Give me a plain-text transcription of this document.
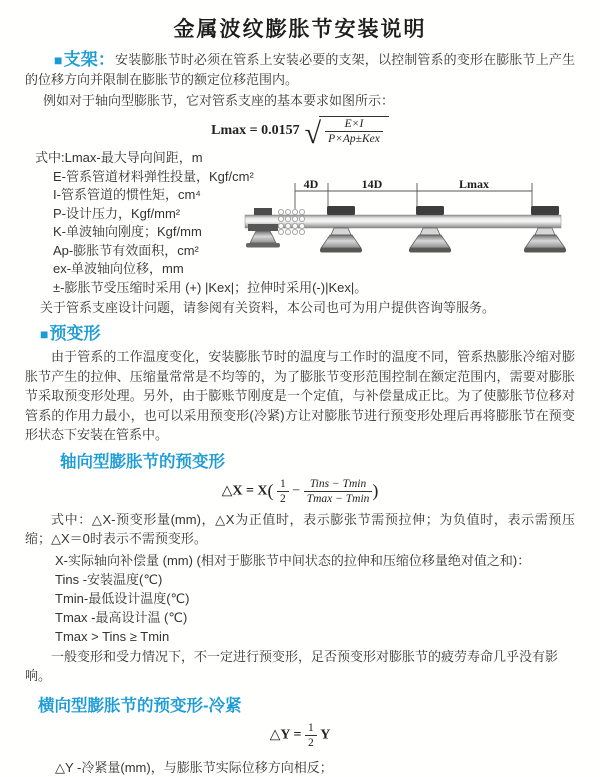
金属波纹膨胀节安装说明

■支架：安装膨胀节时必须在管系上安装必要的支架，以控制管系的变形在膨胀节上产生的位移方向并限制在膨胀节的额定位移范围内。

例如对于轴向型膨胀节，它对管系支座的基本要求如图所示：

Lmax = 0.0157 √ $\frac{E\times I}{\text{P×Ap±Kex}}$
式中:Lmax-最大导向间距，m
E-管系管道材料弹性投量，Kgf/cm²
I-管系管道的惯性矩，cm⁴
P-设计压力，Kgf/mm²
K-单波轴向刚度；Kgf/mm
Ap-膨胀节有效面积，cm²
ex-单波轴向位移，mm
±-膨胀节受压缩时采用 (+) |Kex|；拉伸时采用(-)|Kex|。
4D	14D	Lmax

关于管系支座设计问题，请参阅有关资料，本公司也可为用户提供咨询等服务。

■预变形

由于管系的工作温度变化，安装膨胀节时的温度与工作时的温度不同，管系热膨胀冷缩对膨胀节产生的拉伸、压缩量常常是不均等的，为了膨胀节变形范围控制在额定范围内，需要对膨胀节采取预变形处理。另外，由于膨账节刚度是一个定值，与补偿量成正比。为了使膨胀节位移对管系的作用力最小，也可以采用预变形(冷紧)方让对膨胀节进行预变形处理后再将膨胀节在预变形状态下安装在管系中。

轴向型膨胀节的预变形
△X = $X( \frac{1}{2} - \frac{\text{Tins − Tmin}}{Tmax - Tmin}$ )

式中：△X-预变形量(mm)，△X为正值时，表示膨张节需预拉伸；为负值时，表示需预压缩；△X＝0时表示不需预变形。

X-实际轴向补偿量 (mm) (相对于膨胀节中间状态的拉伸和压缩位移量绝对值之和)：
Tins -安装温度(℃)
Tmin-最低设计温度(℃)
Tmax -最高设计温 (℃)
Tmax > Tins ≥ Tmin

一般变形和受力情况下，不一定进行预变形，足否预变形对膨胀节的疲劳寿命几乎没有影响。

横向型膨胀节的预变形-冷紧
△Y = $\frac{1}{2}$ Y

△Y -冷紧量(mm)，与膨胀节实际位移方向相反；
